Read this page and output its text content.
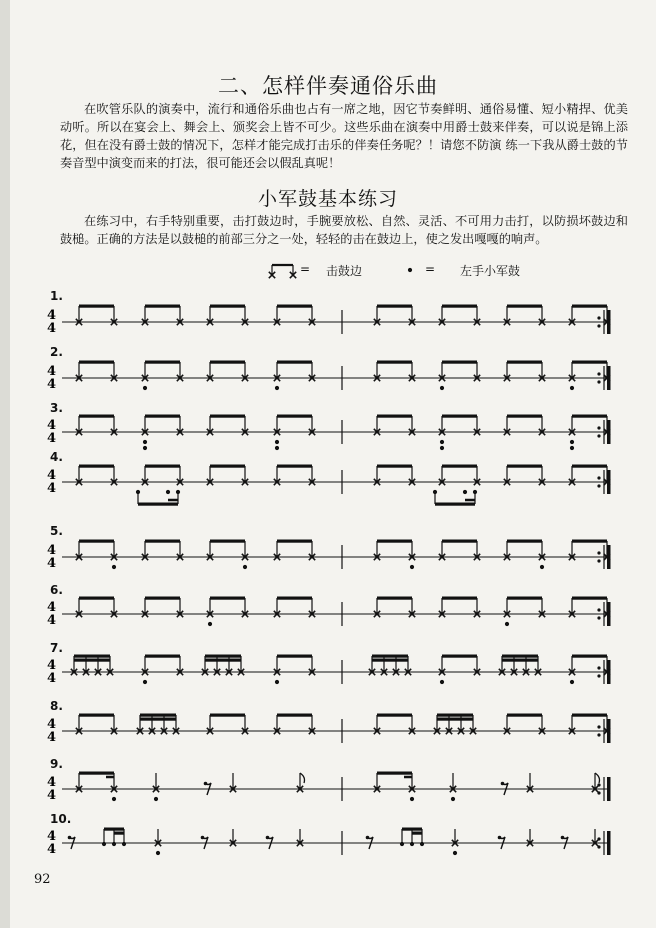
二、怎样伴奏通俗乐曲

在吹管乐队的演奏中，流行和通俗乐曲也占有一席之地，因它节奏鲜明、通俗易懂、短小精捍、优美动听。所以在宴会上、舞会上、颁奖会上皆不可少。这些乐曲在演奏中用爵士鼓来伴奏，可以说是锦上添花，但在没有爵士鼓的情况下，怎样才能完成打击乐的伴奏任务呢？！请您不防演 练一下我从爵士鼓的节奏音型中演变而来的打法，很可能还会以假乱真呢！

小军鼓基本练习

在练习中，右手特别重要，击打鼓边时，手腕要放松、自然、灵活、不可用力击打，以防损坏鼓边和鼓槌。正确的方法是以鼓槌的前部三分之一处，轻轻的击在鼓边上，使之发出嘎嘎的响声。

= 击鼓边	= 左手小军鼓
1.
2.
3.
4.
5.
6.
7.
8.
9.
10.
92
4
4
4
4
4
4
4
4
4
4
4
4
4
4
4
4
4
4
4
4
